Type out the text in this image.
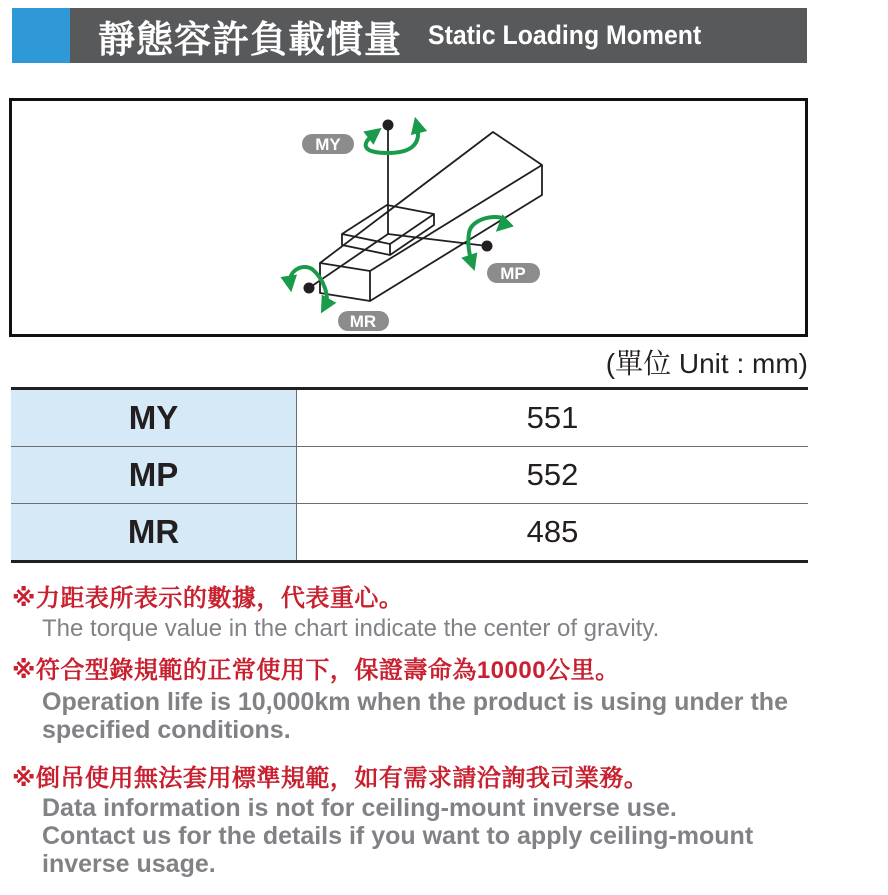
靜態容許負載慣量 Static Loading Moment
MY
MP
MR
(單位 Unit : mm)
MY	551
MP	552
MR	485
※力距表所表示的數據，代表重心。
The torque value in the chart indicate the center of gravity.
※符合型錄規範的正常使用下，保證壽命為10000公里。
Operation life is 10,000km when the product is using under the
specified conditions.
※倒吊使用無法套用標準規範，如有需求請洽詢我司業務。
Data information is not for ceiling-mount inverse use.
Contact us for the details if you want to apply ceiling-mount
inverse usage.
